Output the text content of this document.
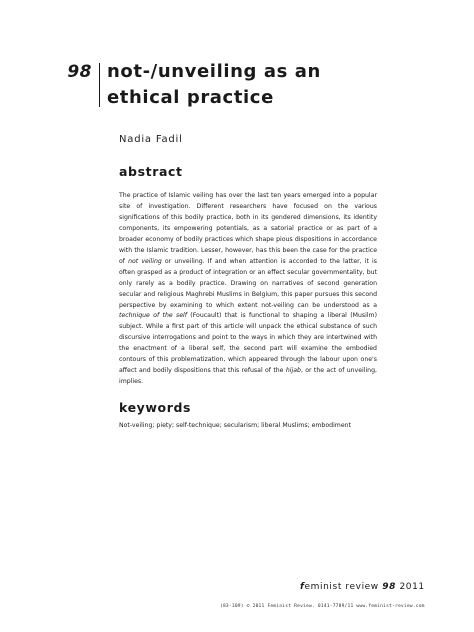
98 not-/unveiling as an
ethical practice
Nadia Fadil
abstract

The practice of Islamic veiling has over the last ten years emerged into a popular site of investigation. Different researchers have focused on the various significations of this bodily practice, both in its gendered dimensions, its identity components, its empowering potentials, as a satorial practice or as part of a broader economy of bodily practices which shape pious dispositions in accordance with the Islamic tradition. Lesser, however, has this been the case for the practice of not veiling or unveiling. If and when attention is accorded to the latter, it is often grasped as a product of integration or an effect secular governmentality, but only rarely as a bodily practice. Drawing on narratives of second generation secular and religious Maghrebi Muslims in Belgium, this paper pursues this second perspective by examining to which extent not-veiling can be understood as a technique of the self (Foucault) that is functional to shaping a liberal (Musilm) subject. While a first part of this article will unpack the ethical substance of such discursive interrogations and point to the ways in which they are intertwined with the enactment of a liberal self, the second part will examine the embodied contours of this problematization, which appeared through the labour upon one's affect and bodily dispositions that this refusal of the hijab, or the act of unveiling, implies.

keywords
Not-veiling; piety; self-technique; secularism; liberal Muslims; embodiment
feminist review 98 2011
(83-109) © 2011 Feminist Review. 0141-7789/11 www.feminist-review.com
